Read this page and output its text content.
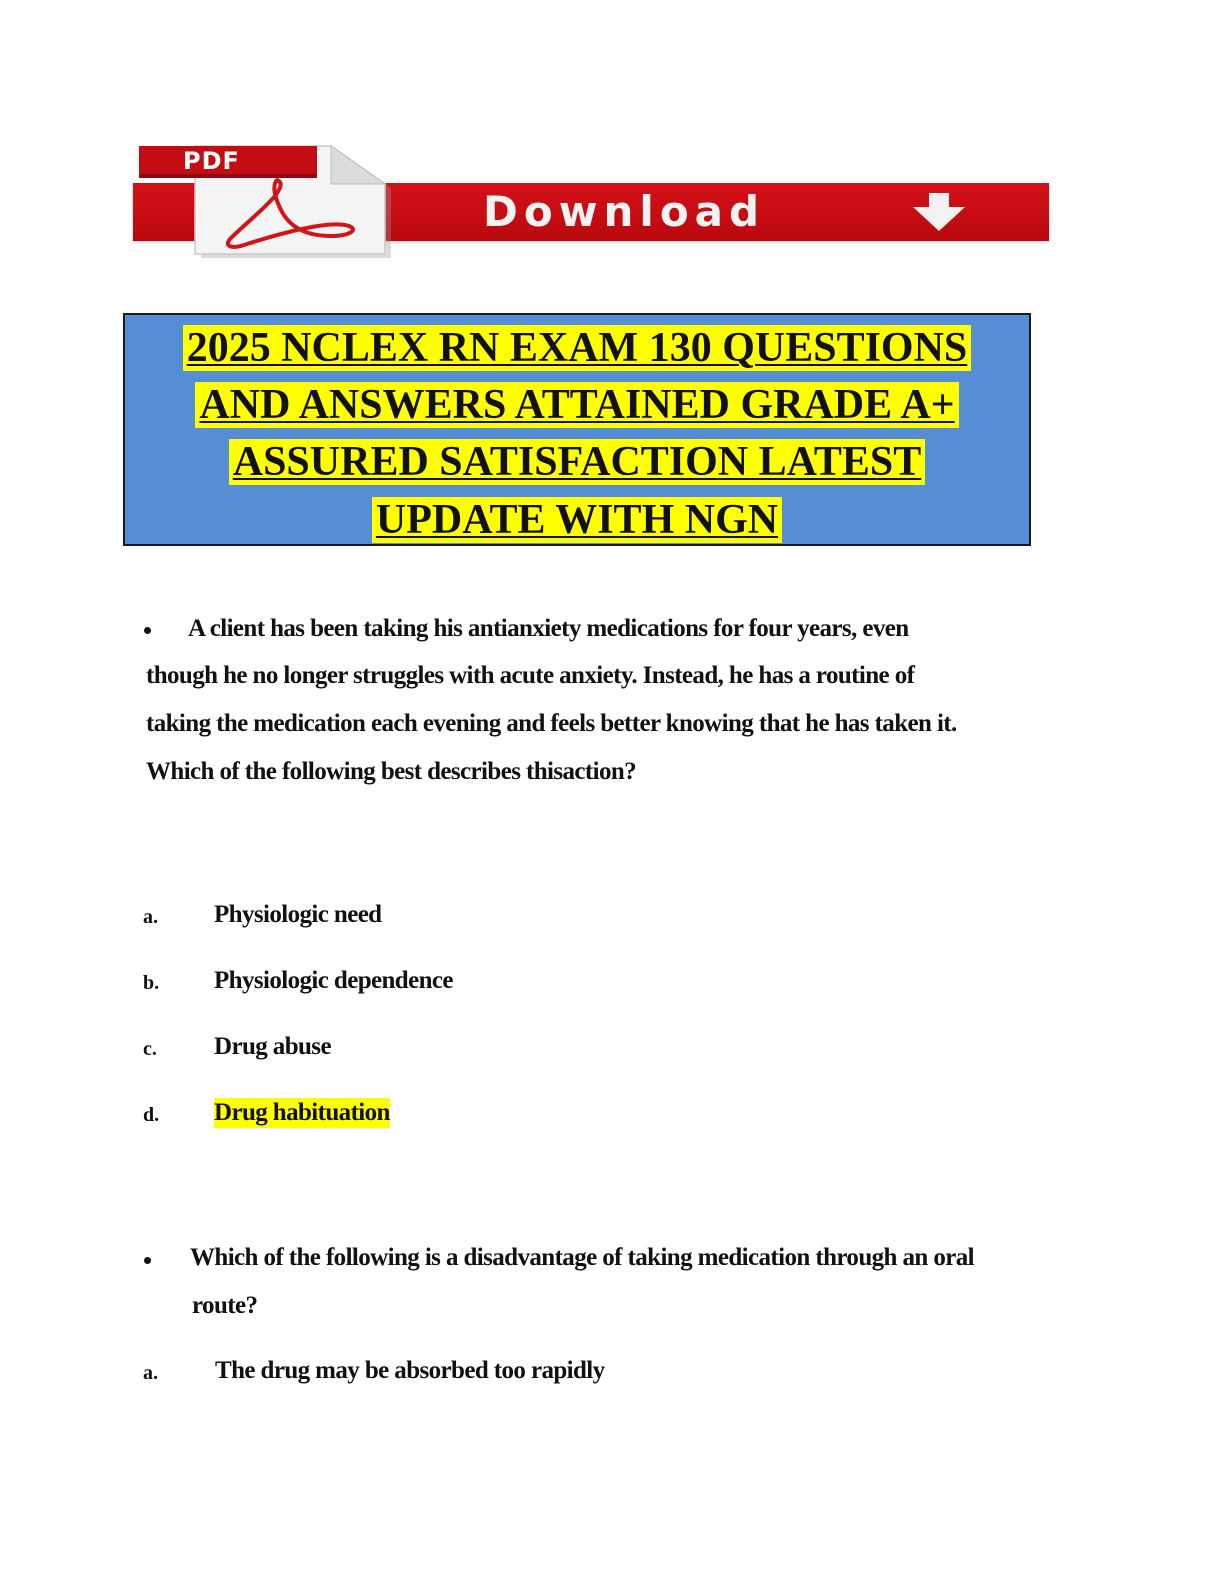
PDF
Download
2025 NCLEX RN EXAM 130 QUESTIONS
AND ANSWERS ATTAINED GRADE A+
ASSURED SATISFACTION LATEST
UPDATE WITH NGN
A client has been taking his antianxiety medications for four years, even
though he no longer struggles with acute anxiety. Instead, he has a routine of
taking the medication each evening and feels better knowing that he has taken it.
Which of the following best describes thisaction?
a. Physiologic need
b. Physiologic dependence
c. Drug abuse
d. Drug habituation
Which of the following is a disadvantage of taking medication through an oral
route?
a. The drug may be absorbed too rapidly
